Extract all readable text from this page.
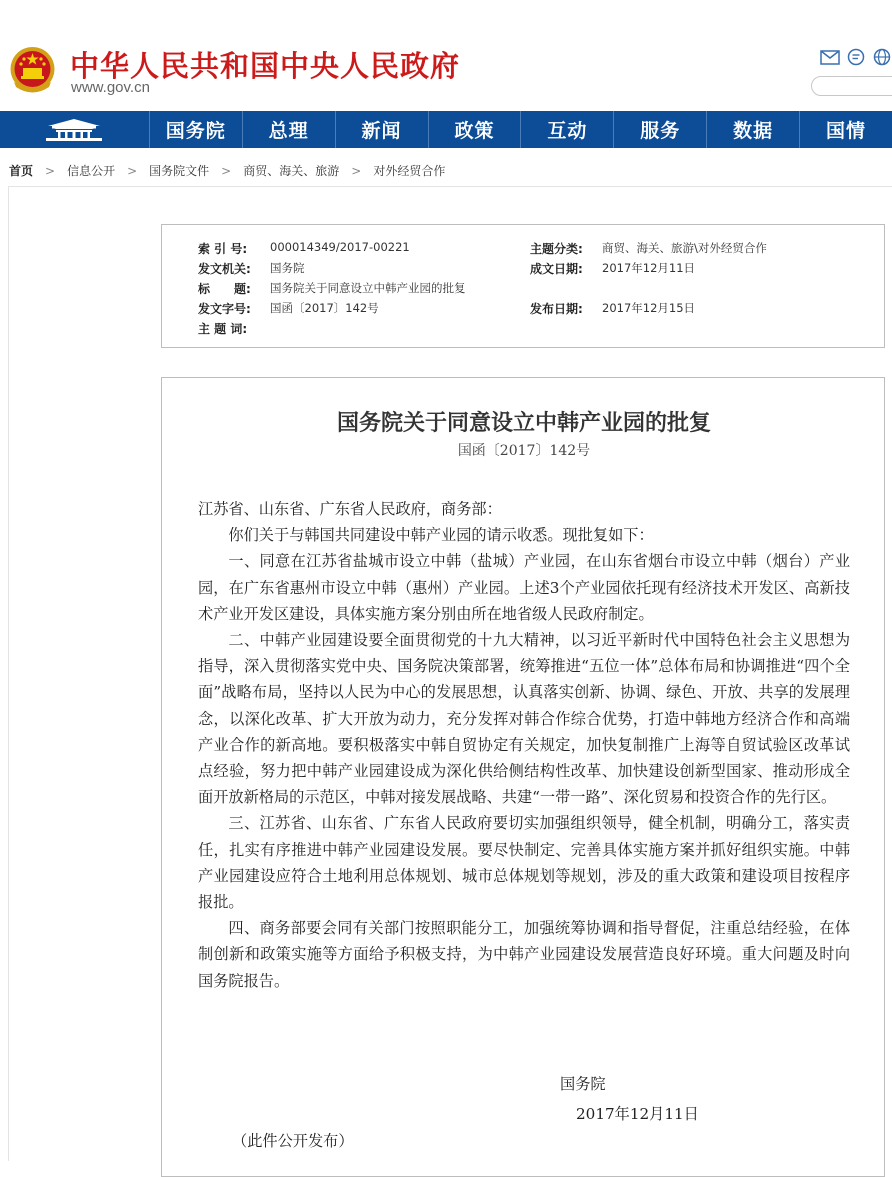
中华人民共和国中央人民政府
www.gov.cn
国务院	总理	新闻	政策	互动	服务	数据	国情
首页 > 信息公开 > 国务院文件 > 商贸、海关、旅游 > 对外经贸合作
索 引 号:	000014349/2017-00221	主题分类:	商贸、海关、旅游\对外经贸合作
发文机关:	国务院	成文日期:	2017年12月11日
标　　题:	国务院关于同意设立中韩产业园的批复
发文字号:	国函〔2017〕142号	发布日期:	2017年12月15日
主 题 词:
国务院关于同意设立中韩产业园的批复
国函〔2017〕142号

江苏省、山东省、广东省人民政府，商务部：

你们关于与韩国共同建设中韩产业园的请示收悉。现批复如下：

一、同意在江苏省盐城市设立中韩（盐城）产业园，在山东省烟台市设立中韩（烟台）产业园，在广东省惠州市设立中韩（惠州）产业园。上述3个产业园依托现有经济技术开发区、高新技术产业开发区建设，具体实施方案分别由所在地省级人民政府制定。

二、中韩产业园建设要全面贯彻党的十九大精神，以习近平新时代中国特色社会主义思想为指导，深入贯彻落实党中央、国务院决策部署，统筹推进“五位一体”总体布局和协调推进“四个全面”战略布局，坚持以人民为中心的发展思想，认真落实创新、协调、绿色、开放、共享的发展理念，以深化改革、扩大开放为动力，充分发挥对韩合作综合优势，打造中韩地方经济合作和高端产业合作的新高地。要积极落实中韩自贸协定有关规定，加快复制推广上海等自贸试验区改革试点经验，努力把中韩产业园建设成为深化供给侧结构性改革、加快建设创新型国家、推动形成全面开放新格局的示范区，中韩对接发展战略、共建“一带一路”、深化贸易和投资合作的先行区。

三、江苏省、山东省、广东省人民政府要切实加强组织领导，健全机制，明确分工，落实责任，扎实有序推进中韩产业园建设发展。要尽快制定、完善具体实施方案并抓好组织实施。中韩产业园建设应符合土地利用总体规划、城市总体规划等规划，涉及的重大政策和建设项目按程序报批。

四、商务部要会同有关部门按照职能分工，加强统筹协调和指导督促，注重总结经验，在体制创新和政策实施等方面给予积极支持，为中韩产业园建设发展营造良好环境。重大问题及时向国务院报告。

国务院
2017年12月11日
（此件公开发布）
